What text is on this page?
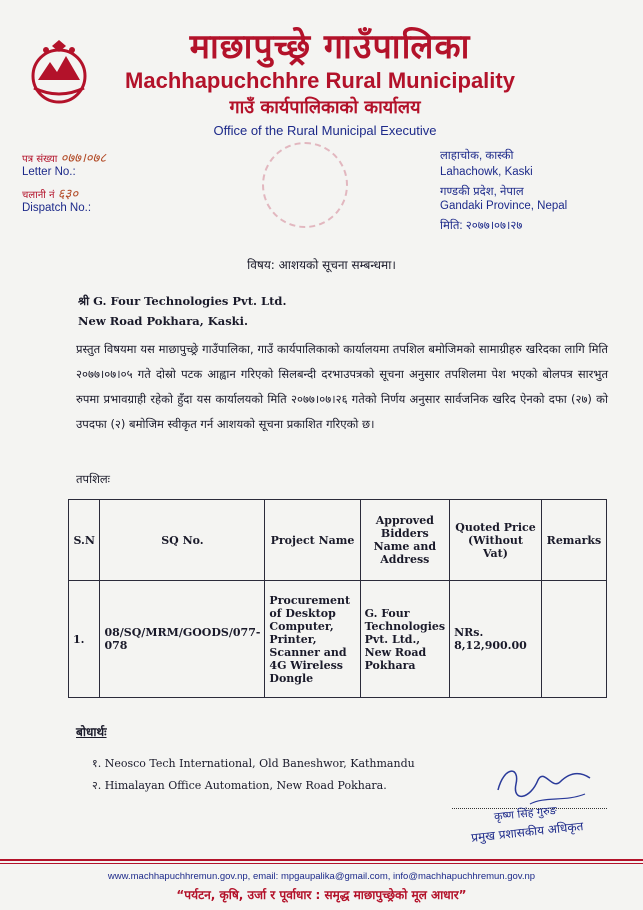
माछापुच्छ्रे गाउँपालिका
Machhapuchchhre Rural Municipality
गाउँ कार्यपालिकाको कार्यालय
Office of the Rural Municipal Executive
पत्र संख्या ०७७।०७८
Letter No.:
चलानी नं ६३०
Dispatch No.:
लाहाचोक, कास्की
Lahachowk, Kaski
गण्डकी प्रदेश, नेपाल
Gandaki Province, Nepal
मिति: २०७७।०७।२७
विषय: आशयको सूचना सम्बन्धमा।
श्री G. Four Technologies Pvt. Ltd.
New Road Pokhara, Kaski.
प्रस्तुत विषयमा यस माछापुच्छ्रे गाउँपालिका, गाउँ कार्यपालिकाको कार्यालयमा तपशिल बमोजिमको सामाग्रीहरु खरिदका लागि मिति २०७७।०७।०५ गते दोस्रो पटक आह्वान गरिएको सिलबन्दी दरभाउपत्रको सूचना अनुसार तपशिलमा पेश भएको बोलपत्र सारभुत रुपमा प्रभावग्राही रहेको हुँदा यस कार्यालयको मिति २०७७।०७।२६ गतेको निर्णय अनुसार सार्वजनिक खरिद ऐनको दफा (२७) को उपदफा (२) बमोजिम स्वीकृत गर्न आशयको सूचना प्रकाशित गरिएको छ।
तपशिलः
S.N	SQ No.	Project Name	Approved Bidders Name and Address	Quoted Price (Without Vat)	Remarks
1.	08/SQ/MRM/GOODS/077-078	Procurement of Desktop Computer, Printer, Scanner and 4G Wireless Dongle	G. Four Technologies Pvt. Ltd., New Road Pokhara	NRs. 8,12,900.00	
बोधार्थः
१. Neosco Tech International, Old Baneshwor, Kathmandu
२. Himalayan Office Automation, New Road Pokhara.
कृष्ण सिंह गुरुङ
प्रमुख प्रशासकीय अधिकृत
www.machhapuchhremun.gov.np, email: mpgaupalika@gmail.com, info@machhapuchhremun.gov.np
“पर्यटन, कृषि, उर्जा र पूर्वाधार : समृद्ध माछापुच्छ्रेको मूल आधार”
